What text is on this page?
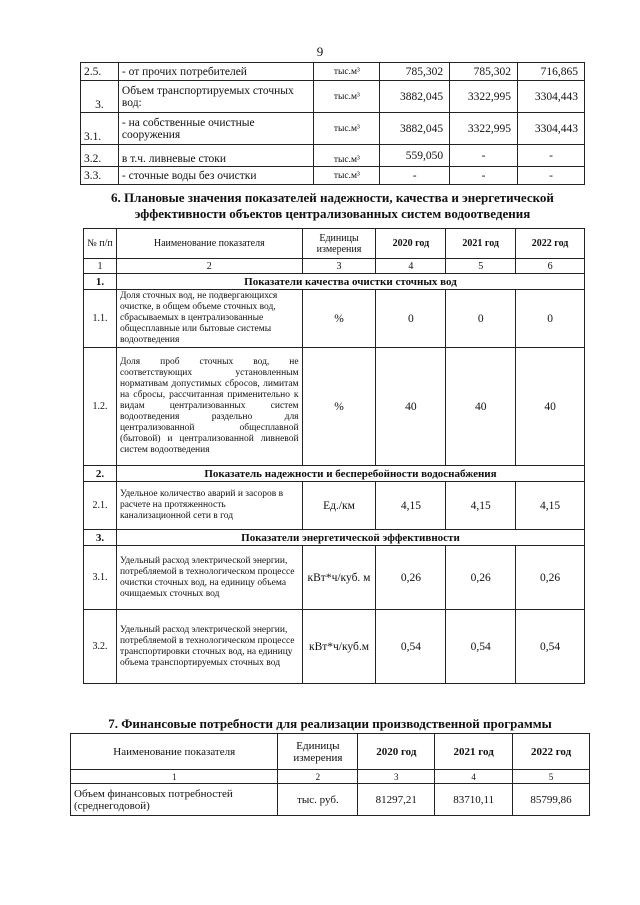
9
2.5.	- от прочих потребителей	тыс.м³	785,302	785,302	716,865
3.	Объем транспортируемых сточных вод:	тыс.м³	3882,045	3322,995	3304,443
3.1.	- на собственные очистные сооружения	тыс.м³	3882,045	3322,995	3304,443
3.2.	в т.ч. ливневые стоки	тыс.м³	559,050	-	-
3.3.	- сточные воды без очистки	тыс.м³	-	-	-
6. Плановые значения показателей надежности, качества и энергетической эффективности объектов централизованных систем водоотведения
№ п/п	Наименование показателя	Единицы измерения	2020 год	2021 год	2022 год
1	2	3	4	5	6
1.	Показатели качества очистки сточных вод				
1.1.	Доля сточных вод, не подвергающихся очистке, в общем объеме сточных вод, сбрасываемых в централизованные общесплавные или бытовые системы водоотведения	%	0	0	0
1.2.	Доля проб сточных вод, не соответствующих установленным нормативам допустимых сбросов, лимитам на сбросы, рассчитанная применительно к видам централизованных систем водоотведения раздельно для централизованной общесплавной (бытовой) и централизованной ливневой систем водоотведения	%	40	40	40
2.	Показатель надежности и бесперебойности водоснабжения				
2.1.	Удельное количество аварий и засоров в расчете на протяженность канализационной сети в год	Ед./км	4,15	4,15	4,15
3.	Показатели энергетической эффективности				
3.1.	Удельный расход электрической энергии, потребляемой в технологическом процессе очистки сточных вод, на единицу объема очищаемых сточных вод	кВт*ч/куб. м	0,26	0,26	0,26
3.2.	Удельный расход электрической энергии, потребляемой в технологическом процессе транспортировки сточных вод, на единицу объема транспортируемых сточных вод	кВт*ч/куб.м	0,54	0,54	0,54
7. Финансовые потребности для реализации производственной программы
Наименование показателя	Единицы измерения	2020 год	2021 год	2022 год
1	2	3	4	5
Объем финансовых потребностей (среднегодовой)	тыс. руб.	81297,21	83710,11	85799,86
